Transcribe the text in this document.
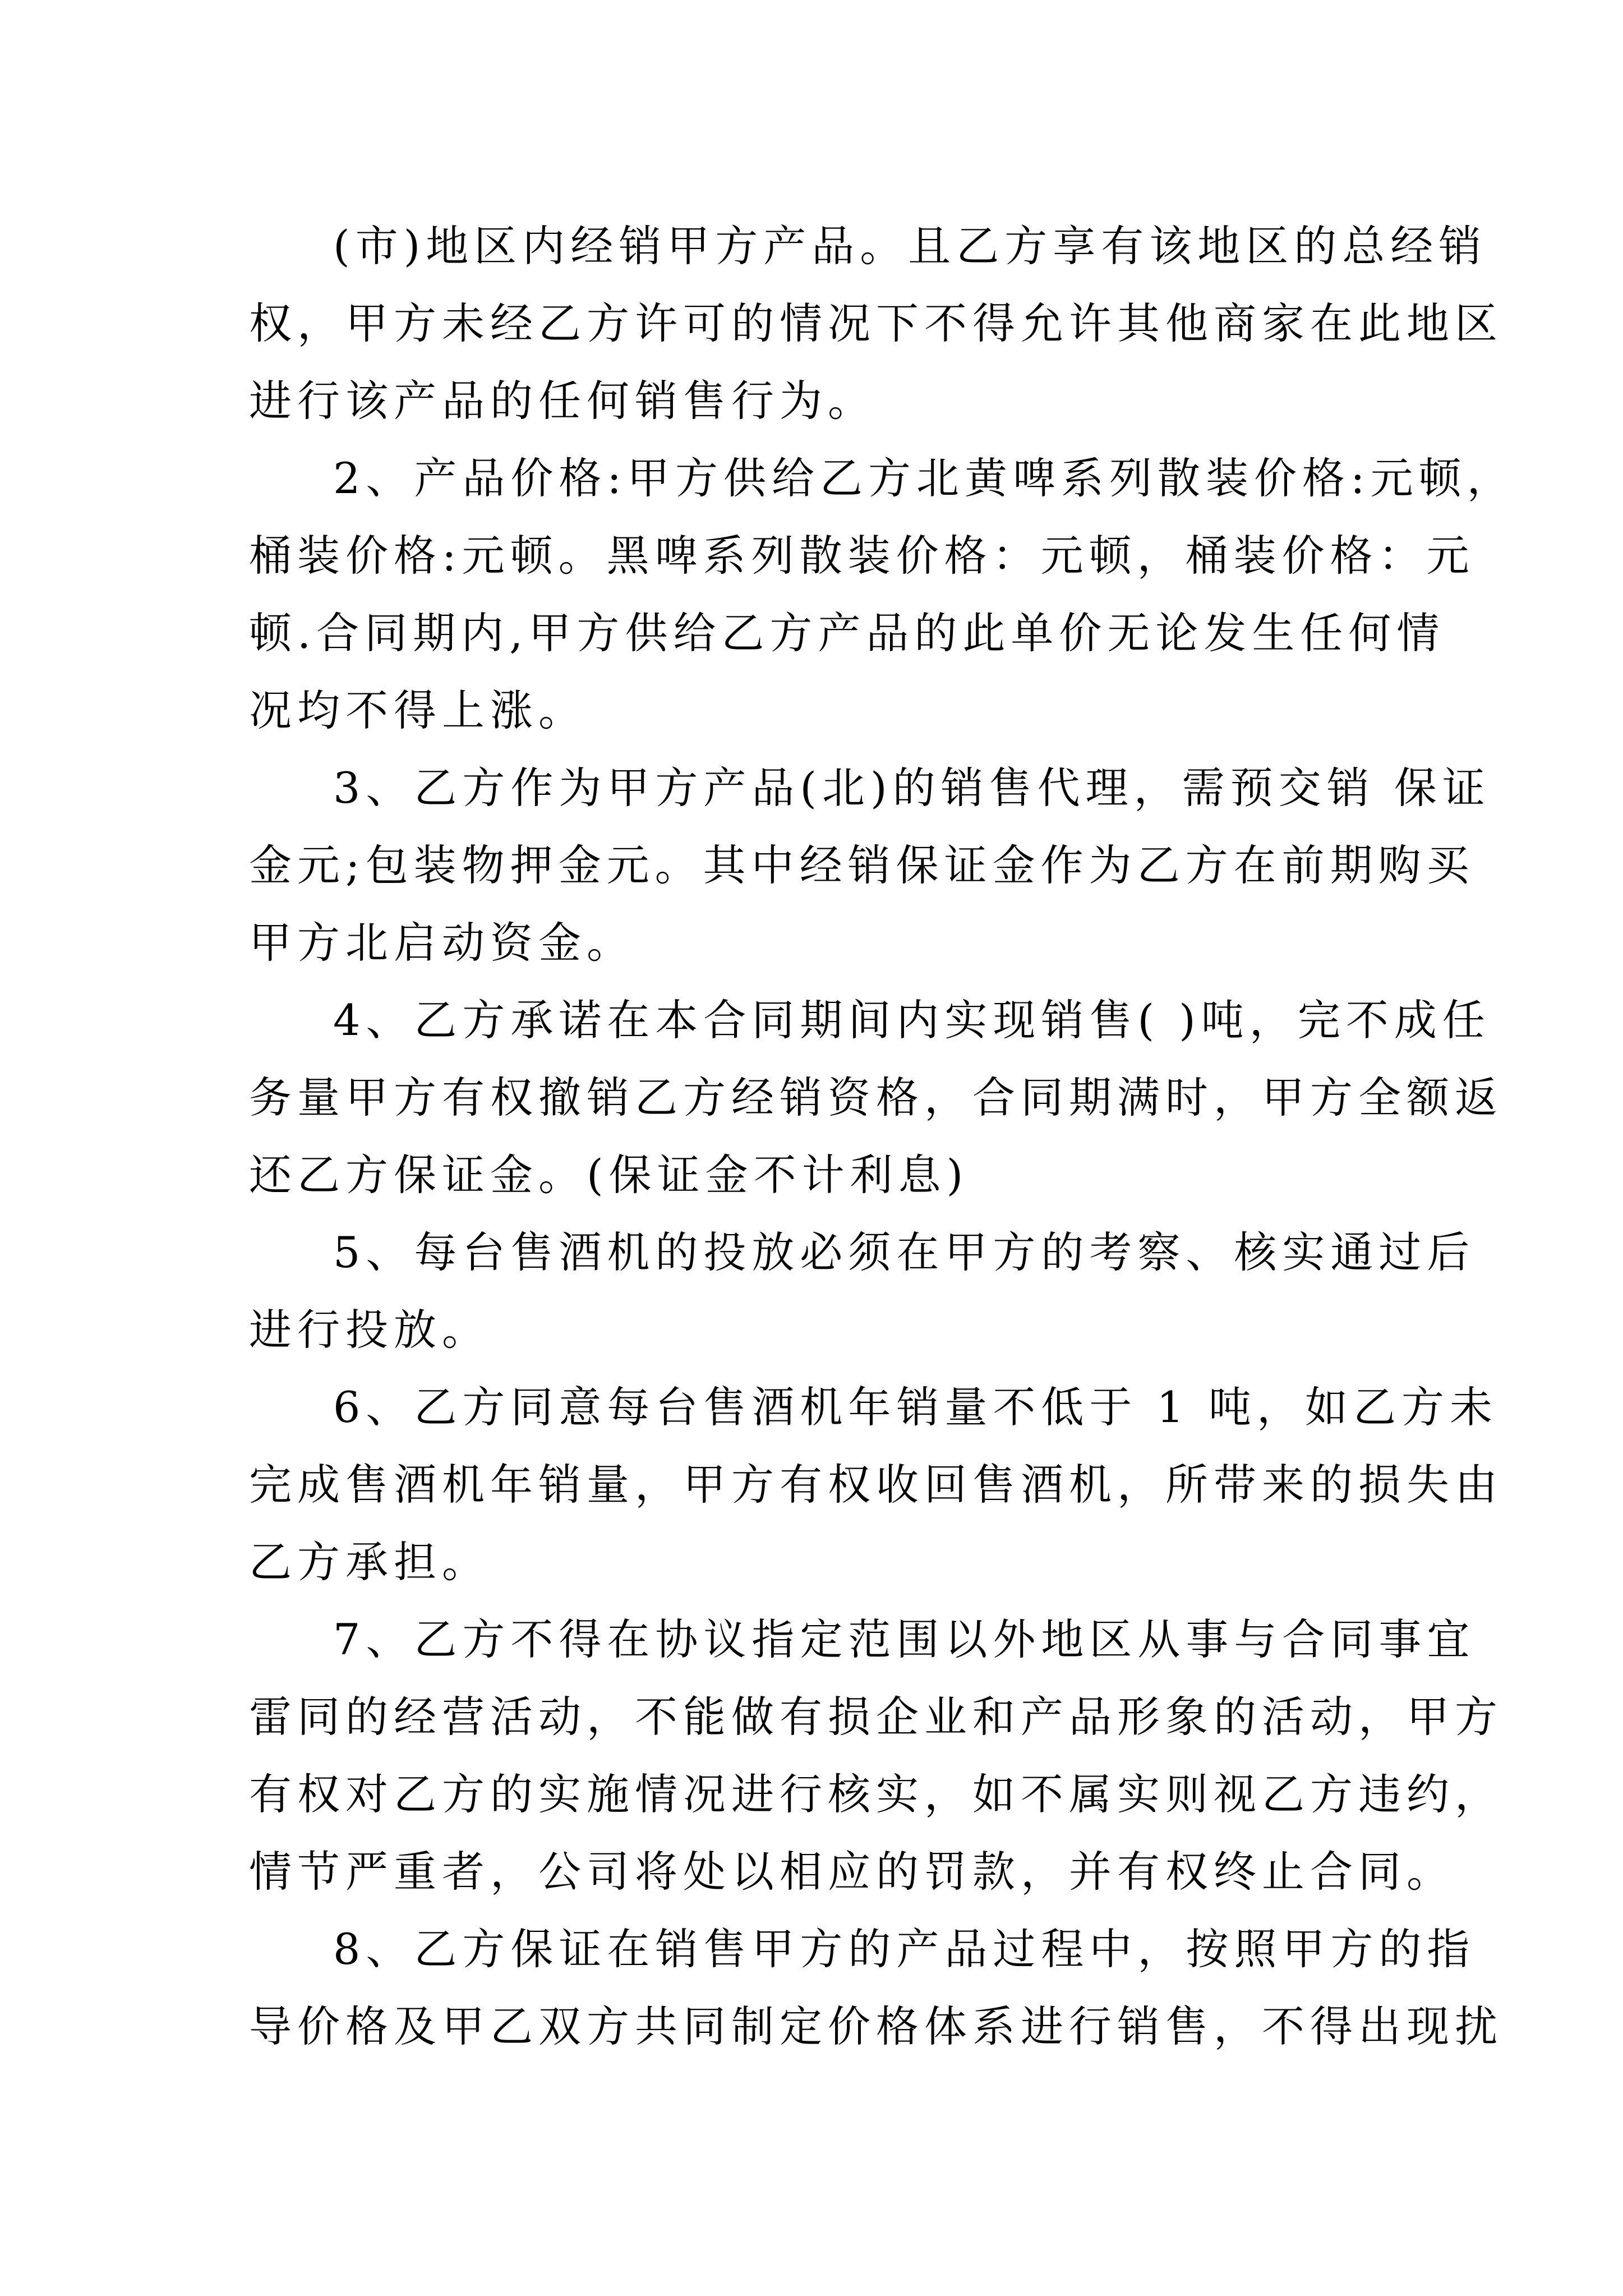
(市)地区内经销甲方产品。且乙方享有该地区的总经销
权，甲方未经乙方许可的情况下不得允许其他商家在此地区
进行该产品的任何销售行为。

2、产品价格:甲方供给乙方北黄啤系列散装价格:元顿，
桶装价格:元顿。黑啤系列散装价格：元顿，桶装价格：元
顿.合同期内,甲方供给乙方产品的此单价无论发生任何情
况均不得上涨。

3、乙方作为甲方产品(北)的销售代理，需预交销 保证
金元;包装物押金元。其中经销保证金作为乙方在前期购买
甲方北启动资金。

4、乙方承诺在本合同期间内实现销售( )吨，完不成任
务量甲方有权撤销乙方经销资格，合同期满时，甲方全额返
还乙方保证金。(保证金不计利息)

5、每台售酒机的投放必须在甲方的考察、核实通过后
进行投放。

6、乙方同意每台售酒机年销量不低于 1 吨，如乙方未
完成售酒机年销量，甲方有权收回售酒机，所带来的损失由
乙方承担。

7、乙方不得在协议指定范围以外地区从事与合同事宜
雷同的经营活动，不能做有损企业和产品形象的活动，甲方
有权对乙方的实施情况进行核实，如不属实则视乙方违约，
情节严重者，公司将处以相应的罚款，并有权终止合同。

8、乙方保证在销售甲方的产品过程中，按照甲方的指
导价格及甲乙双方共同制定价格体系进行销售，不得出现扰
